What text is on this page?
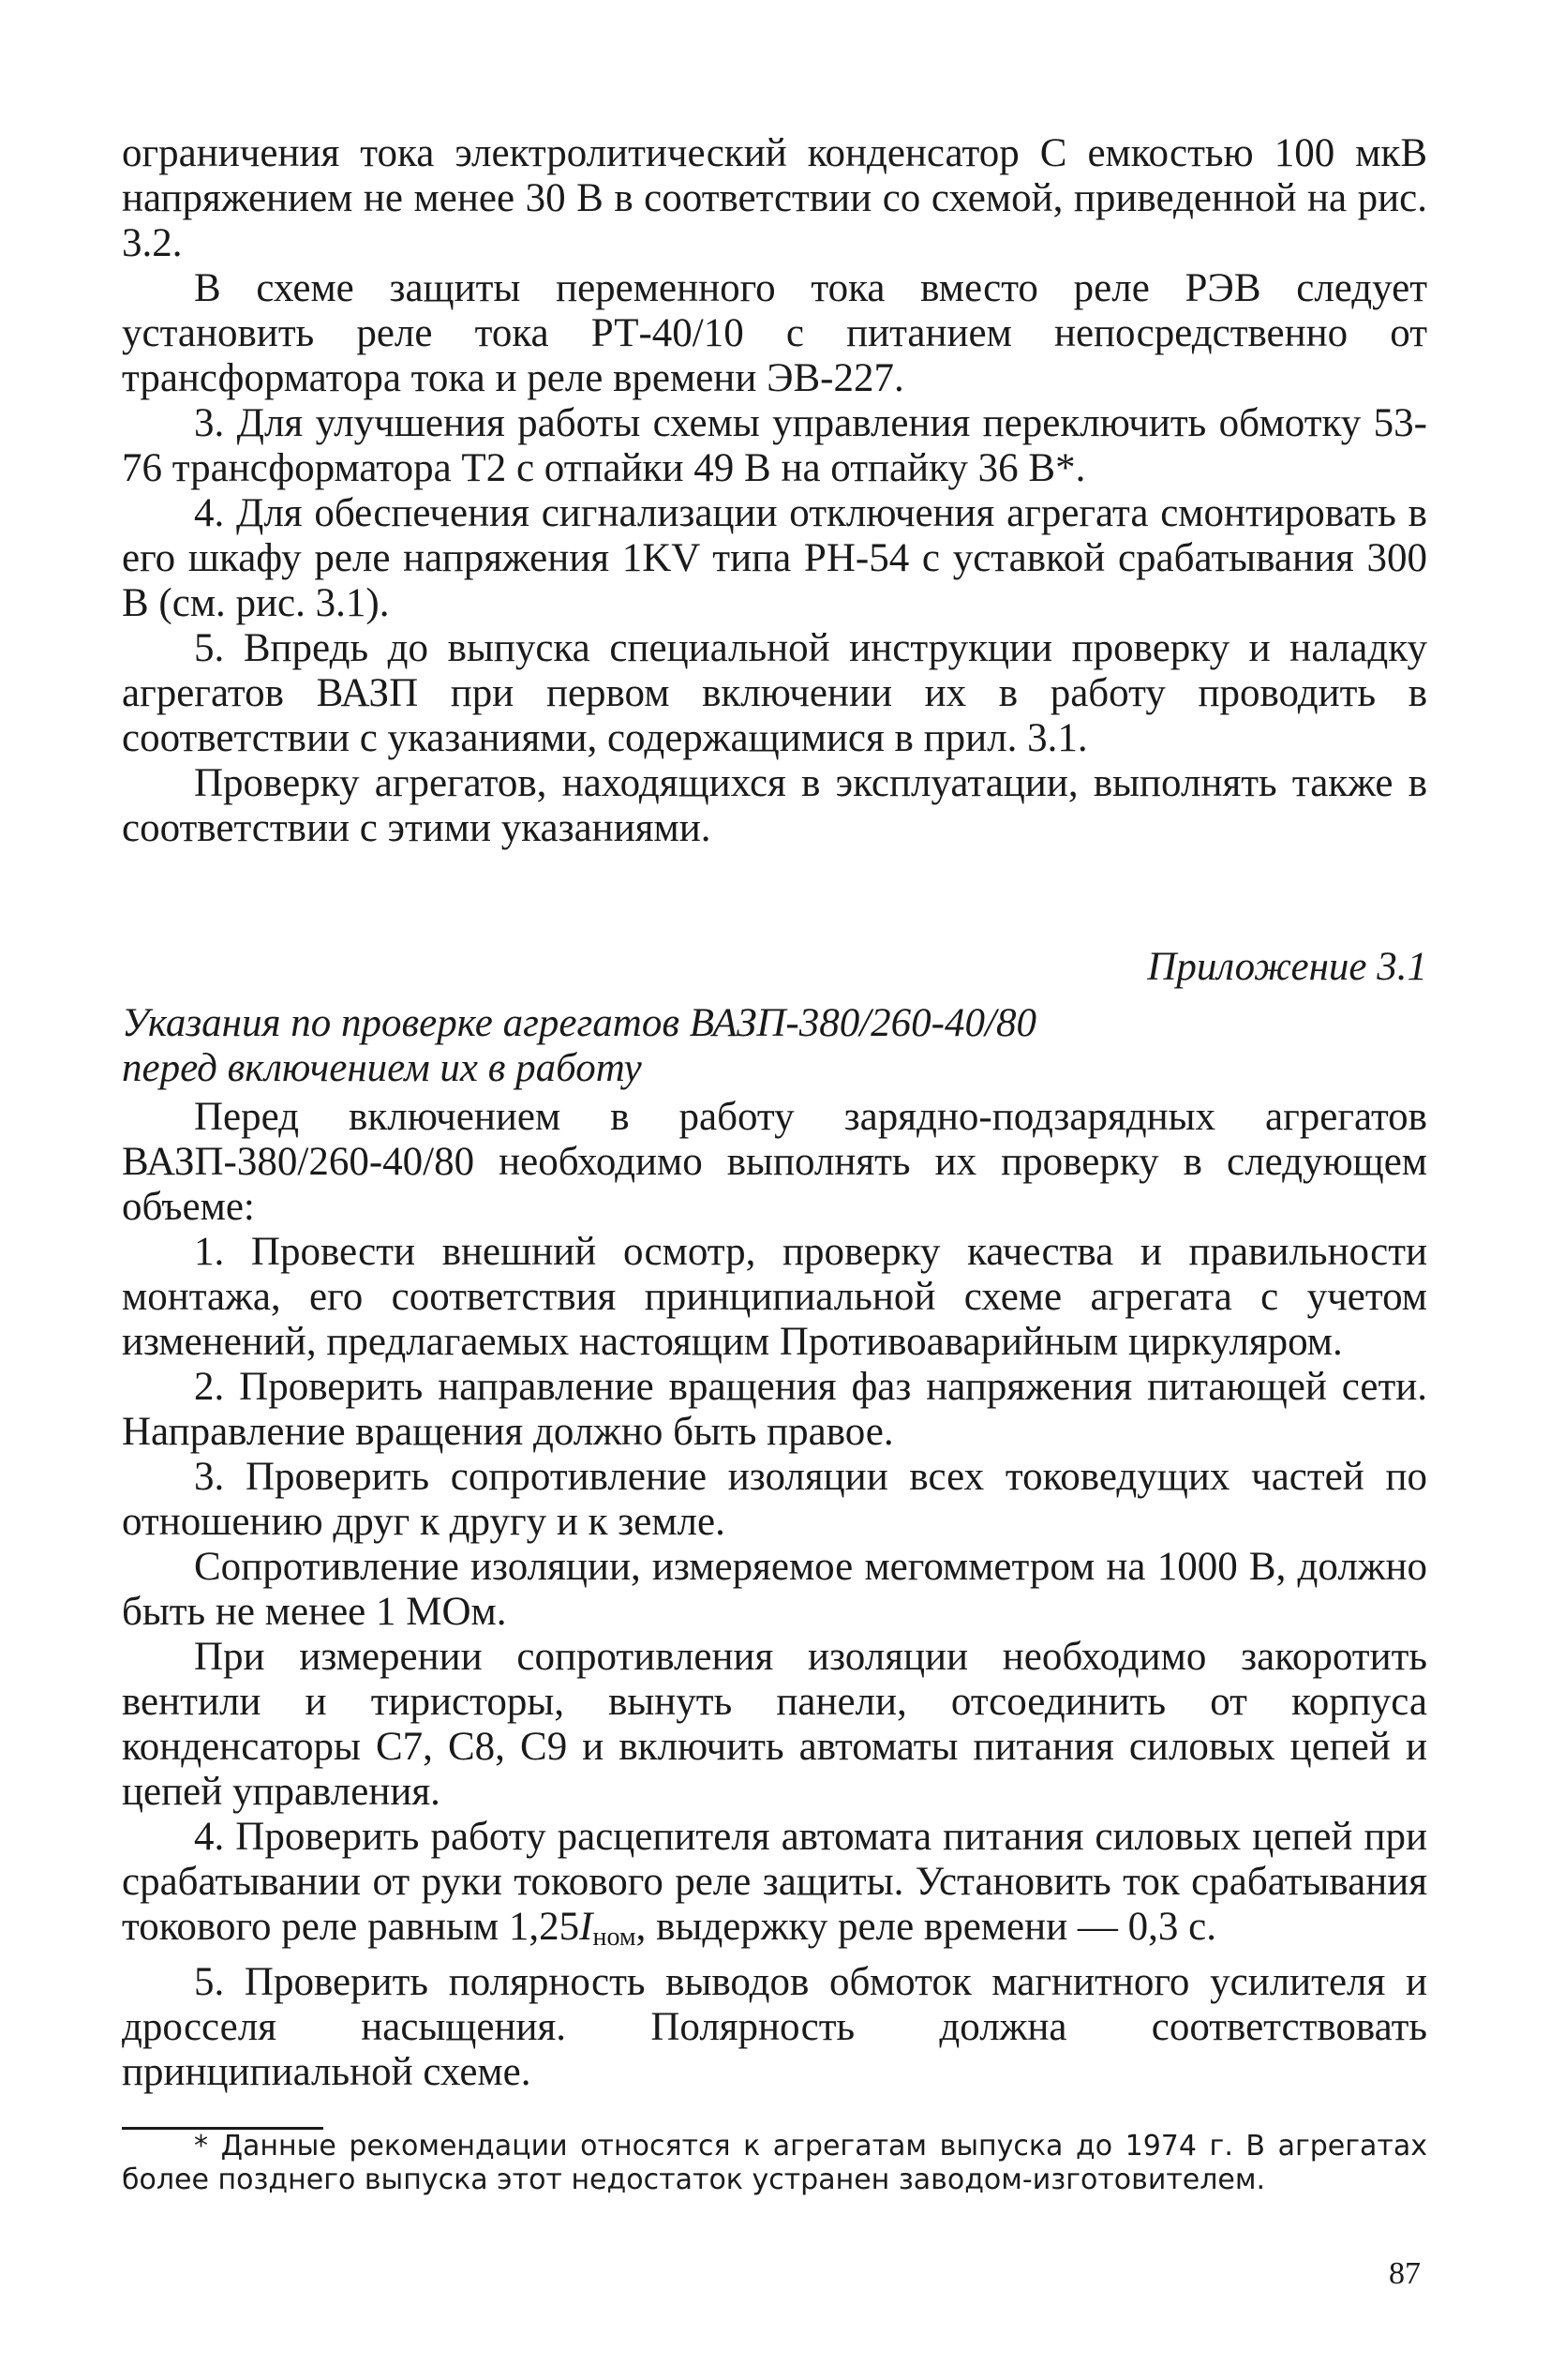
ограничения тока электролитический конденсатор С емкостью 100 мкВ напряжением не менее 30 В в соответствии со схемой, приведенной на рис. 3.2.

В схеме защиты переменного тока вместо реле РЭВ следует установить реле тока РТ-40/10 с питанием непосредственно от трансформатора тока и реле времени ЭВ-227.

3. Для улучшения работы схемы управления переключить обмотку 53-76 трансформатора Т2 с отпайки 49 В на отпайку 36 В*.

4. Для обеспечения сигнализации отключения агрегата смонтировать в его шкафу реле напряжения 1KV типа РН-54 с уставкой срабатывания 300 В (см. рис. 3.1).

5. Впредь до выпуска специальной инструкции проверку и наладку агрегатов ВАЗП при первом включении их в работу проводить в соответствии с указаниями, содержащимися в прил. 3.1.

Проверку агрегатов, находящихся в эксплуатации, выполнять также в соответствии с этими указаниями.

Приложение 3.1

Указания по проверке агрегатов ВАЗП-380/260-40/80
перед включением их в работу

Перед включением в работу зарядно-подзарядных агрегатов ВАЗП-380/260-40/80 необходимо выполнять их проверку в следующем объеме:

1. Провести внешний осмотр, проверку качества и правильности монтажа, его соответствия принципиальной схеме агрегата с учетом изменений, предлагаемых настоящим Противоаварийным циркуляром.

2. Проверить направление вращения фаз напряжения питающей сети. Направление вращения должно быть правое.

3. Проверить сопротивление изоляции всех токоведущих частей по отношению друг к другу и к земле.

Сопротивление изоляции, измеряемое мегомметром на 1000 В, должно быть не менее 1 МОм.

При измерении сопротивления изоляции необходимо закоротить вентили и тиристоры, вынуть панели, отсоединить от корпуса конденсаторы С7, С8, С9 и включить автоматы питания силовых цепей и цепей управления.

4. Проверить работу расцепителя автомата питания силовых цепей при срабатывании от руки токового реле защиты. Установить ток срабатывания токового реле равным $1,25I_{ном}$, выдержку реле времени — 0,3 с.

5. Проверить полярность выводов обмоток магнитного усилителя и дросселя насыщения. Полярность должна соответствовать принципиальной схеме.

* Данные рекомендации относятся к агрегатам выпуска до 1974 г. В агрегатах более позднего выпуска этот недостаток устранен заводом-изготовителем.

87
